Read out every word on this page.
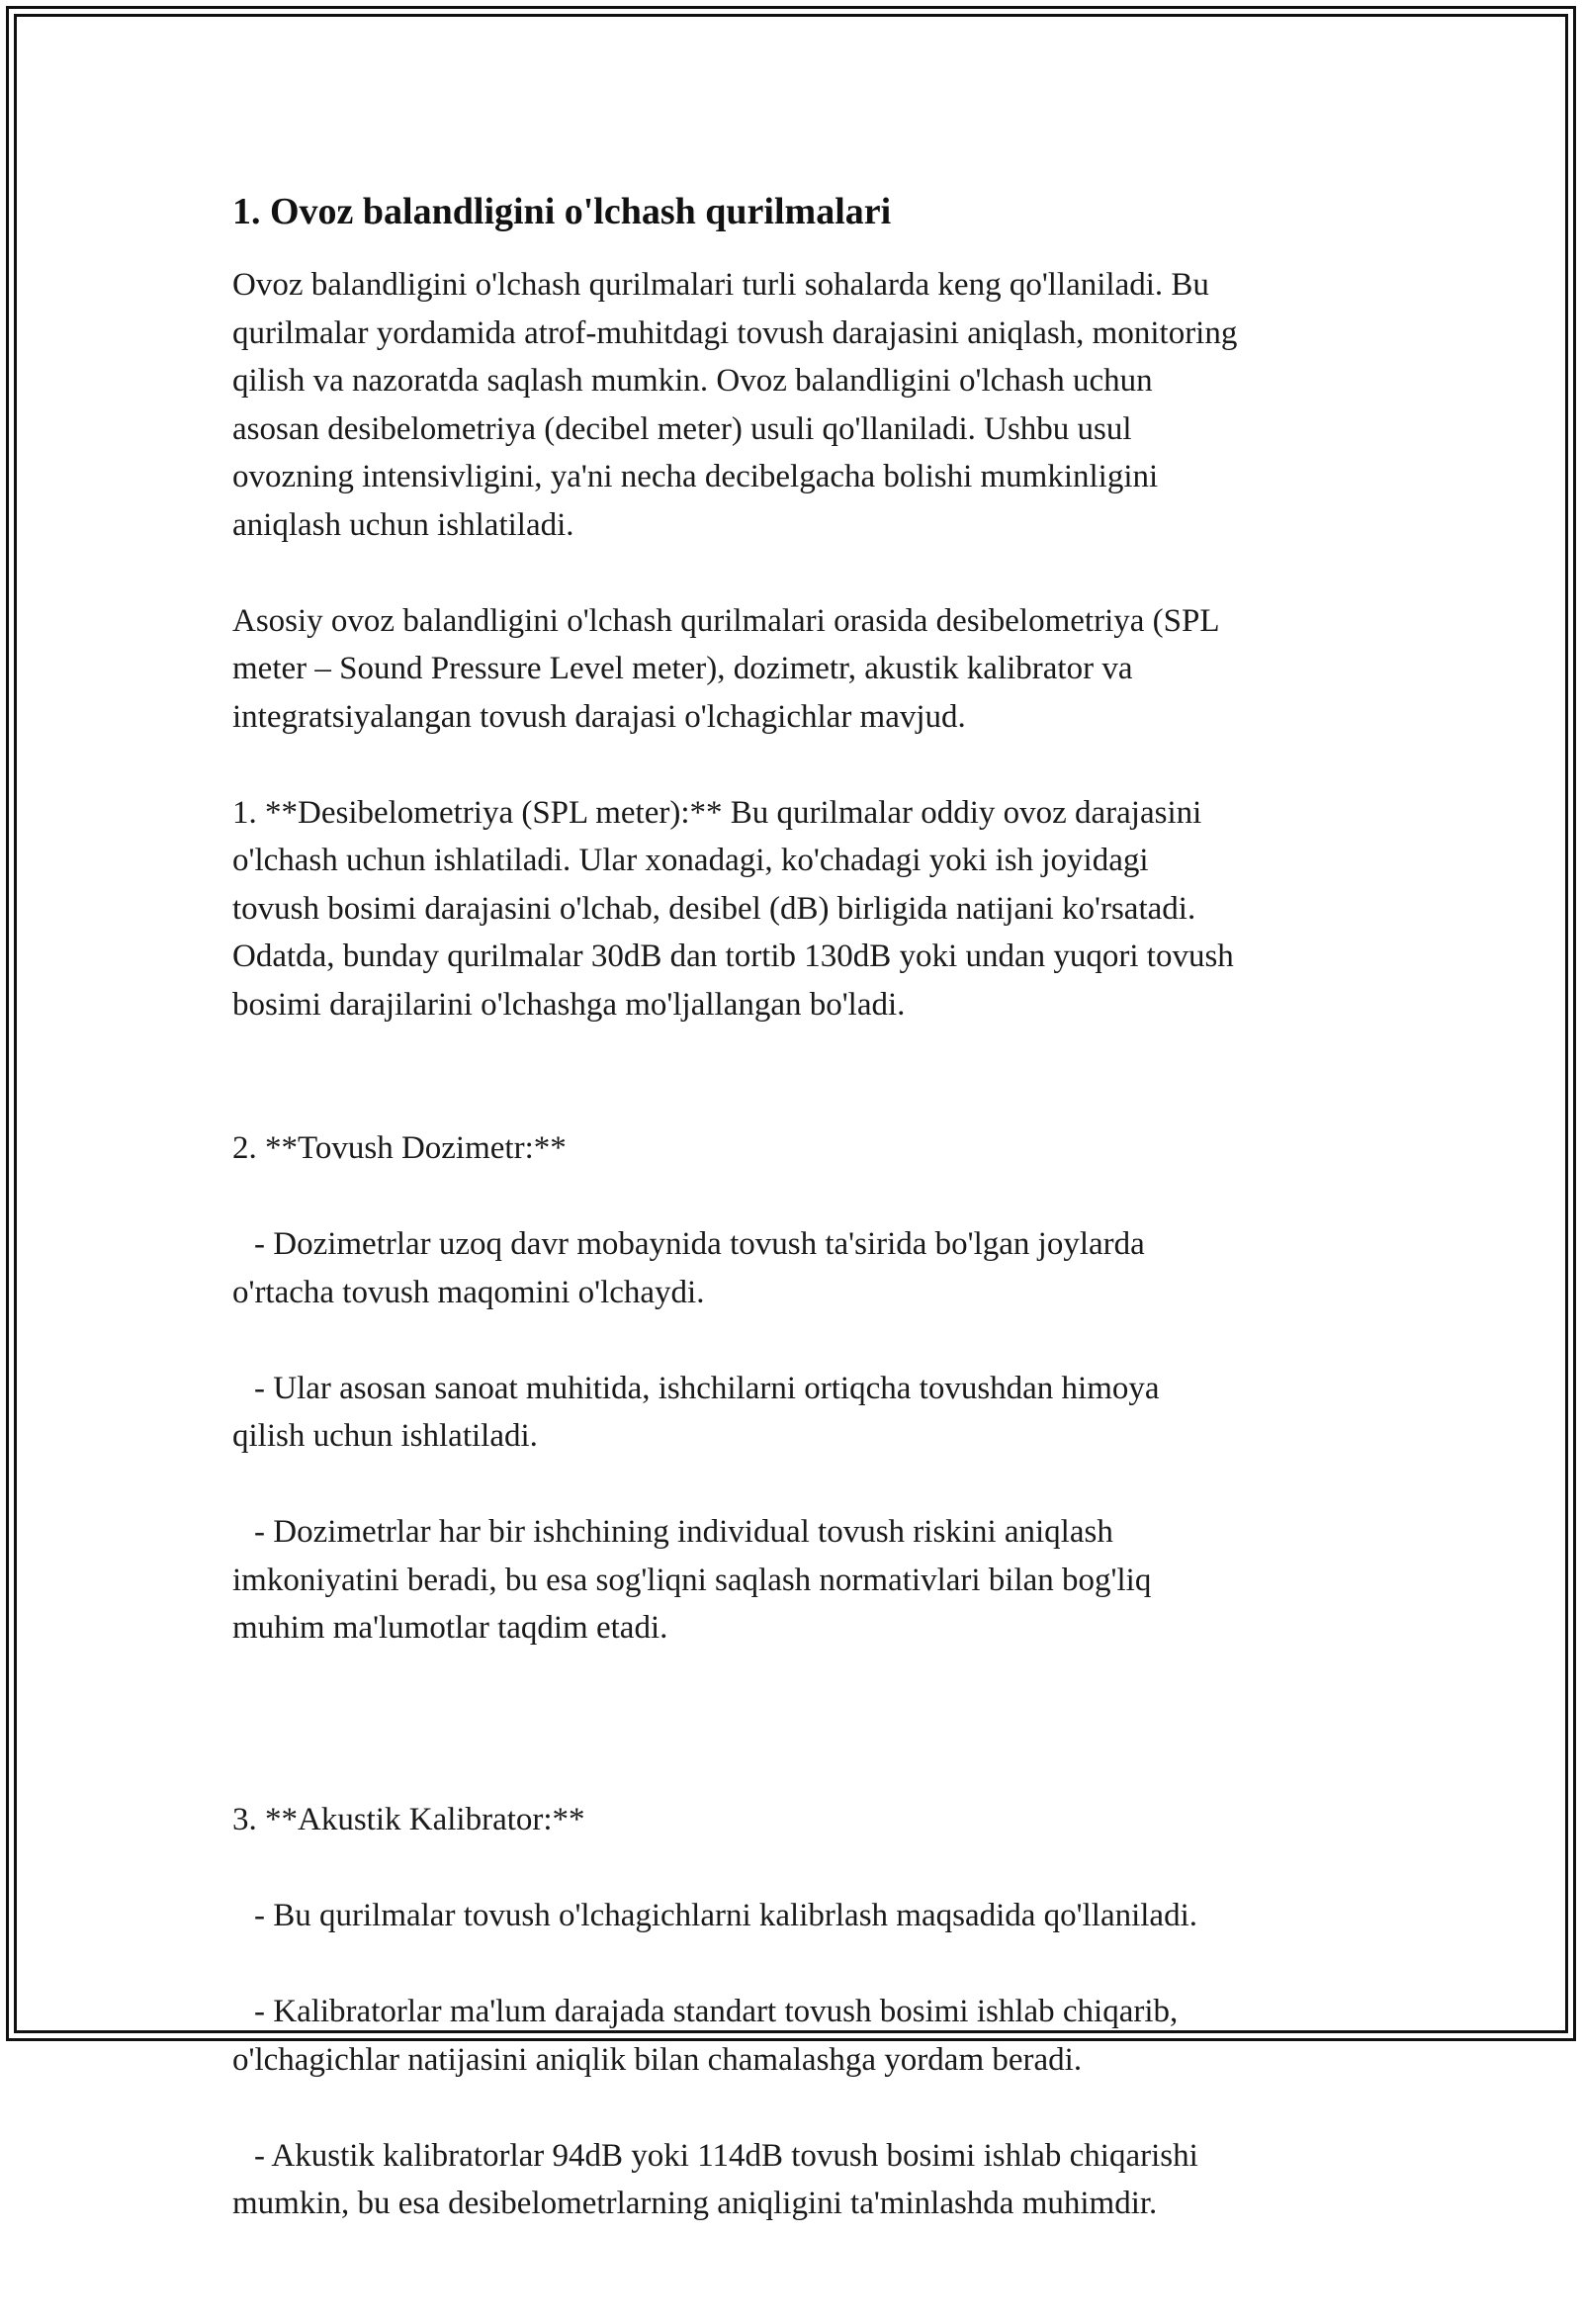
1. Ovoz balandligini o'lchash qurilmalari

Ovoz balandligini o'lchash qurilmalari turli sohalarda keng qo'llaniladi. Bu
qurilmalar yordamida atrof-muhitdagi tovush darajasini aniqlash, monitoring
qilish va nazoratda saqlash mumkin. Ovoz balandligini o'lchash uchun
asosan desibelometriya (decibel meter) usuli qo'llaniladi. Ushbu usul
ovozning intensivligini, ya'ni necha decibelgacha bolishi mumkinligini
aniqlash uchun ishlatiladi.

Asosiy ovoz balandligini o'lchash qurilmalari orasida desibelometriya (SPL
meter – Sound Pressure Level meter), dozimetr, akustik kalibrator va
integratsiyalangan tovush darajasi o'lchagichlar mavjud.

1. **Desibelometriya (SPL meter):** Bu qurilmalar oddiy ovoz darajasini
o'lchash uchun ishlatiladi. Ular xonadagi, ko'chadagi yoki ish joyidagi
tovush bosimi darajasini o'lchab, desibel (dB) birligida natijani ko'rsatadi.
Odatda, bunday qurilmalar 30dB dan tortib 130dB yoki undan yuqori tovush
bosimi darajilarini o'lchashga mo'ljallangan bo'ladi.

2. **Tovush Dozimetr:**

- Dozimetrlar uzoq davr mobaynida tovush ta'sirida bo'lgan joylarda
o'rtacha tovush maqomini o'lchaydi.

- Ular asosan sanoat muhitida, ishchilarni ortiqcha tovushdan himoya
qilish uchun ishlatiladi.

- Dozimetrlar har bir ishchining individual tovush riskini aniqlash
imkoniyatini beradi, bu esa sog'liqni saqlash normativlari bilan bog'liq
muhim ma'lumotlar taqdim etadi.

3. **Akustik Kalibrator:**

- Bu qurilmalar tovush o'lchagichlarni kalibrlash maqsadida qo'llaniladi.

- Kalibratorlar ma'lum darajada standart tovush bosimi ishlab chiqarib,
o'lchagichlar natijasini aniqlik bilan chamalashga yordam beradi.

- Akustik kalibratorlar 94dB yoki 114dB tovush bosimi ishlab chiqarishi
mumkin, bu esa desibelometrlarning aniqligini ta'minlashda muhimdir.
